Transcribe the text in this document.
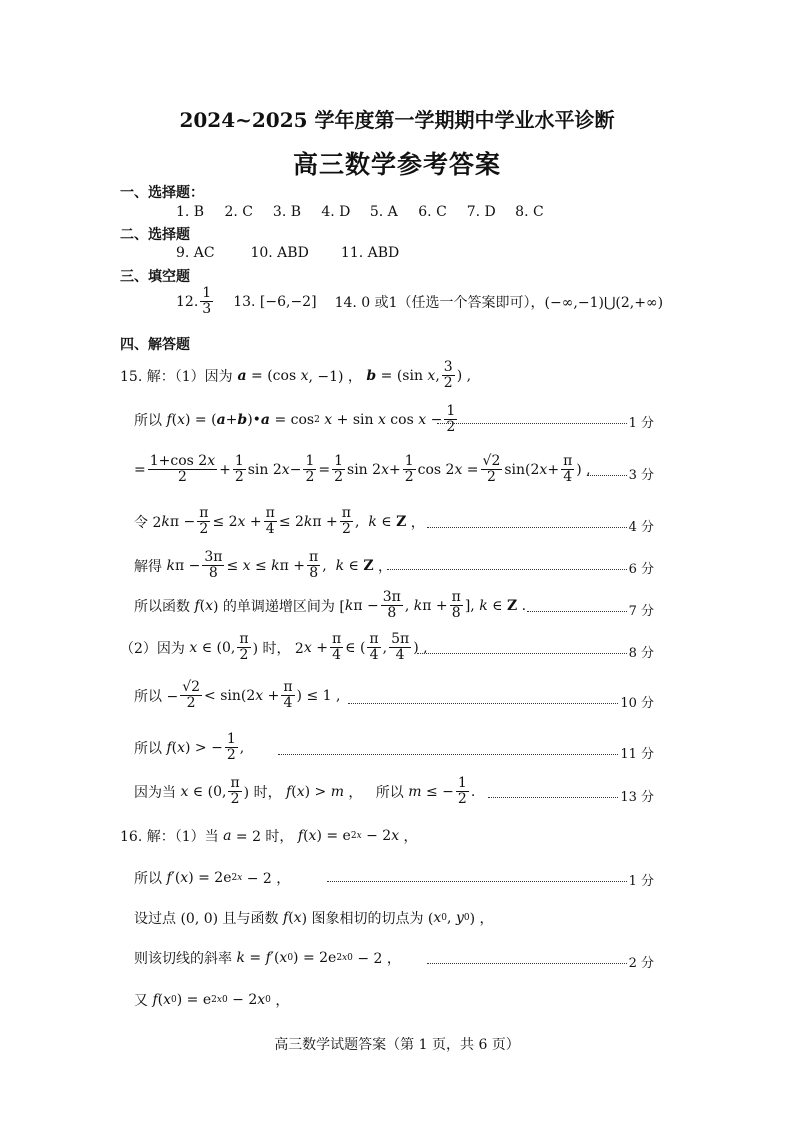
2024~2025 学年度第一学期期中学业水平诊断
高三数学参考答案
一、选择题：
1. B 2. C 3. B 4. D 5. A 6. C 7. D 8. C
二、选择题
9. AC	10. ABD 11. ABD
三、填空题
12. $\frac{1}{3} 13$. [−6,−2] 14. 0 或1（任选一个答案即可），(−∞,−1)⋃(2,+∞)
四、解答题
15. 解：（1）因为 a = (cos x , −1) ， b = (sin x , $\frac{3}{2}$ ) ,
所以 f ( x ) = ( a + b )• a = cos 2
x + sin x $\cos x - \frac{1}{2}$	1 分
= $\frac{1+\cos 2x}{2} + \frac{1}{2}$ sin 2 $x - \frac{1}{2} = \frac{1}{2}$ sin 2 $x + \frac{1}{2}$ cos 2 $x = \frac{√2}{2} \sin(2$ $x + \frac{\pi}{4}$ ) ,	3 分
令 2 k $\pi - \frac{\pi}{2} \le 2$ $x + \frac{\pi}{4} \le 2$ k $\pi + \frac{\pi}{2}$ , k ∈ Z ，	4 分
解得 k $\pi - \frac{3\pi}{8} \le x \le k$ $\pi + \frac{\pi}{8}$ , k ∈ Z ，	6 分
所以函数 f ( x ) 的单调递增区间为 [ k $\pi - \frac{3\pi}{8}$ , k $\pi + \frac{\pi}{8}$ ], k ∈ Z .	7 分
（2）因为 x ∈ (0, $\frac{\pi}{2}$ ) 时， 2 $x + \frac{\pi}{4}$ ∈ ( $\frac{\pi}{4}$ , $\frac{5\pi}{4}$ ) ,	8 分
所以 − $\frac{√2}{2} < \sin(2$ $x + \frac{\pi}{4}$ ) ≤ 1 ,	10 分
所以 f ( x ) > − $\frac{1}{2}$ ,	11 分
因为当 x ∈ (0, $\frac{\pi}{2}$ ) 时， f ( x ) > m ，   所以 m ≤ − $\frac{1}{2}$ .	13 分
16. 解：（1）当 a = 2 时， f ( x ) = e 2x − 2 x ，
所以 f ′( x ) = 2e 2x − 2 ，	1 分
设过点 (0, 0) 且与函数 f ( x ) 图象相切的切点为 ( x 0 , y 0 ) ，
则该切线的斜率 k = f ′( x 0 ) = 2e 2x0 − 2 ，	2 分
又 f ( x 0 ) = e 2x0 − 2 x 0 ，
高三数学试题答案（第 1 页，共 6 页）
